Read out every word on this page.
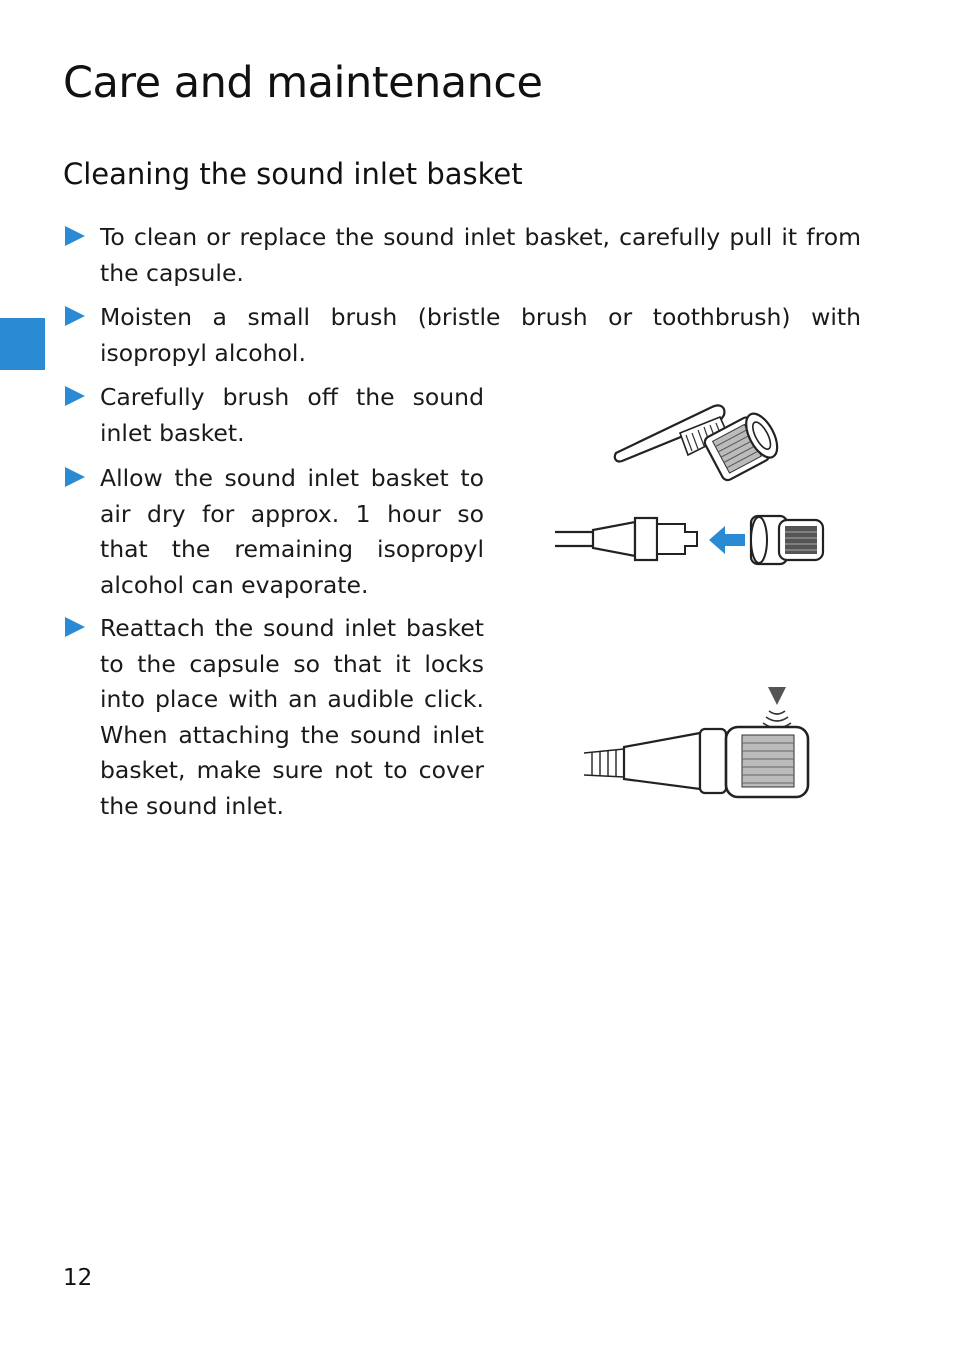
Care and maintenance
Cleaning the sound inlet basket
To clean or replace the sound inlet basket, carefully pull it from the capsule.
Moisten a small brush (bristle brush or toothbrush) with isopropyl alcohol.
Carefully brush off the sound inlet basket.
Allow the sound inlet basket to air dry for approx. 1 hour so that the remaining isopropyl alcohol can evaporate.
Reattach the sound inlet basket to the capsule so that it locks into place with an audible click. When attaching the sound inlet basket, make sure not to cover the sound inlet.
12
